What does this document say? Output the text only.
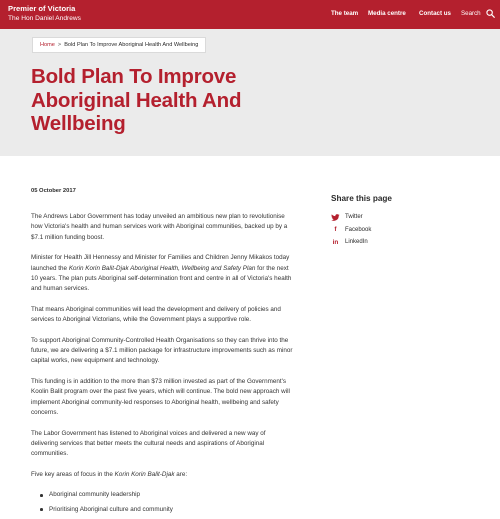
Premier of Victoria
The Hon Daniel Andrews
The team Media centre Contact us Search
Home > Bold Plan To Improve Aboriginal Health And Wellbeing
Bold Plan To Improve Aboriginal Health And Wellbeing
05 October 2017

The Andrews Labor Government has today unveiled an ambitious new plan to revolutionise how Victoria's health and human services work with Aboriginal communities, backed up by a $7.1 million funding boost.

Minister for Health Jill Hennessy and Minister for Families and Children Jenny Mikakos today launched the Korin Korin Balit-Djak Aboriginal Health, Wellbeing and Safety Plan for the next 10 years. The plan puts Aboriginal self-determination front and centre in all of Victoria's health and human services.

That means Aboriginal communities will lead the development and delivery of policies and services to Aboriginal Victorians, while the Government plays a supportive role.

To support Aboriginal Community-Controlled Health Organisations so they can thrive into the future, we are delivering a $7.1 million package for infrastructure improvements such as minor capital works, new equipment and technology.

This funding is in addition to the more than $73 million invested as part of the Government's Koolin Balit program over the past five years, which will continue. The bold new approach will implement Aboriginal community-led responses to Aboriginal health, wellbeing and safety concerns.

The Labor Government has listened to Aboriginal voices and delivered a new way of delivering services that better meets the cultural needs and aspirations of Aboriginal communities.

Five key areas of focus in the Korin Korin Balit-Djak are:

Aboriginal community leadership
Prioritising Aboriginal culture and community
Share this page
Twitter
f	Facebook
in LinkedIn
